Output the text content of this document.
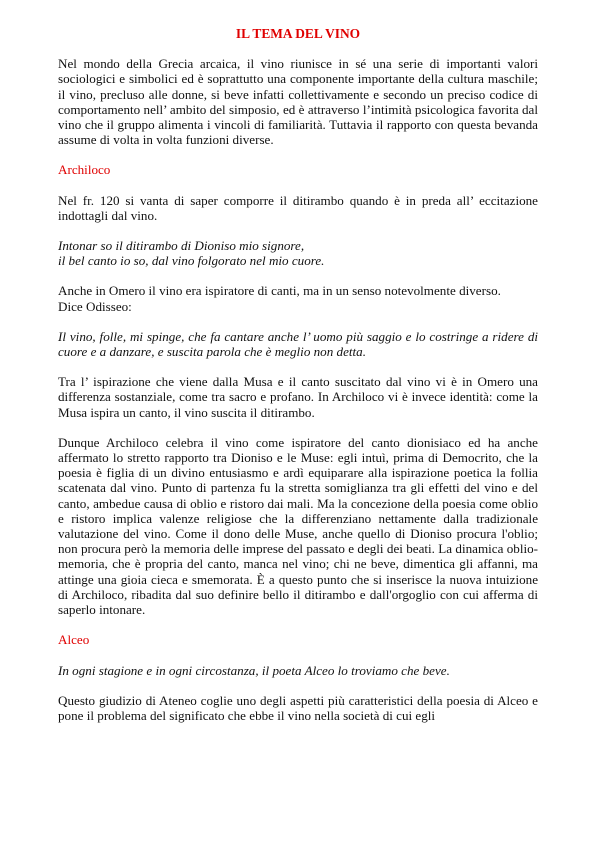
IL TEMA DEL VINO

Nel mondo della Grecia arcaica, il vino riunisce in sé una serie di importanti valori sociologici e simbolici ed è soprattutto una componente importante della cultura maschile; il vino, precluso alle donne, si beve infatti collettivamente e secondo un preciso codice di comportamento nell’ ambito del simposio, ed è attraverso l’intimità psicologica favorita dal vino che il gruppo alimenta i vincoli di familiarità. Tuttavia il rapporto con questa bevanda assume di volta in volta funzioni diverse.

Archiloco

Nel fr. 120 si vanta di saper comporre il ditirambo quando è in preda all’ eccitazione indottagli dal vino.

Intonar so il ditirambo di Dioniso mio signore,
il bel canto io so, dal vino folgorato nel mio cuore.

Anche in Omero il vino era ispiratore di canti, ma in un senso notevolmente diverso.
Dice Odisseo:

Il vino, folle, mi spinge, che fa cantare anche l’ uomo più saggio e lo costringe a ridere di cuore e a danzare, e suscita parola che è meglio non detta.

Tra l’ ispirazione che viene dalla Musa e il canto suscitato dal vino vi è in Omero una differenza sostanziale, come tra sacro e profano. In Archiloco vi è invece identità: come la Musa ispira un canto, il vino suscita il ditirambo.

Dunque Archiloco celebra il vino come ispiratore del canto dionisiaco ed ha anche affermato lo stretto rapporto tra Dioniso e le Muse: egli intuì, prima di Democrito, che la poesia è figlia di un divino entusiasmo e ardì equiparare alla ispirazione poetica la follia scatenata dal vino. Punto di partenza fu la stretta somiglianza tra gli effetti del vino e del canto, ambedue causa di oblio e ristoro dai mali. Ma la concezione della poesia come oblio e ristoro implica valenze religiose che la differenziano nettamente dalla tradizionale valutazione del vino. Come il dono delle Muse, anche quello di Dioniso procura l'oblio; non procura però la memoria delle imprese del passato e degli dei beati. La dinamica oblio-memoria, che è propria del canto, manca nel vino; chi ne beve, dimentica gli affanni, ma attinge una gioia cieca e smemorata. È a questo punto che si inserisce la nuova intuizione di Archiloco, ribadita dal suo definire bello il ditirambo e dall'orgoglio con cui afferma di saperlo intonare.

Alceo

In ogni stagione e in ogni circostanza, il poeta Alceo lo troviamo che beve.

Questo giudizio di Ateneo coglie uno degli aspetti più caratteristici della poesia di Alceo e pone il problema del significato che ebbe il vino nella società di cui egli
